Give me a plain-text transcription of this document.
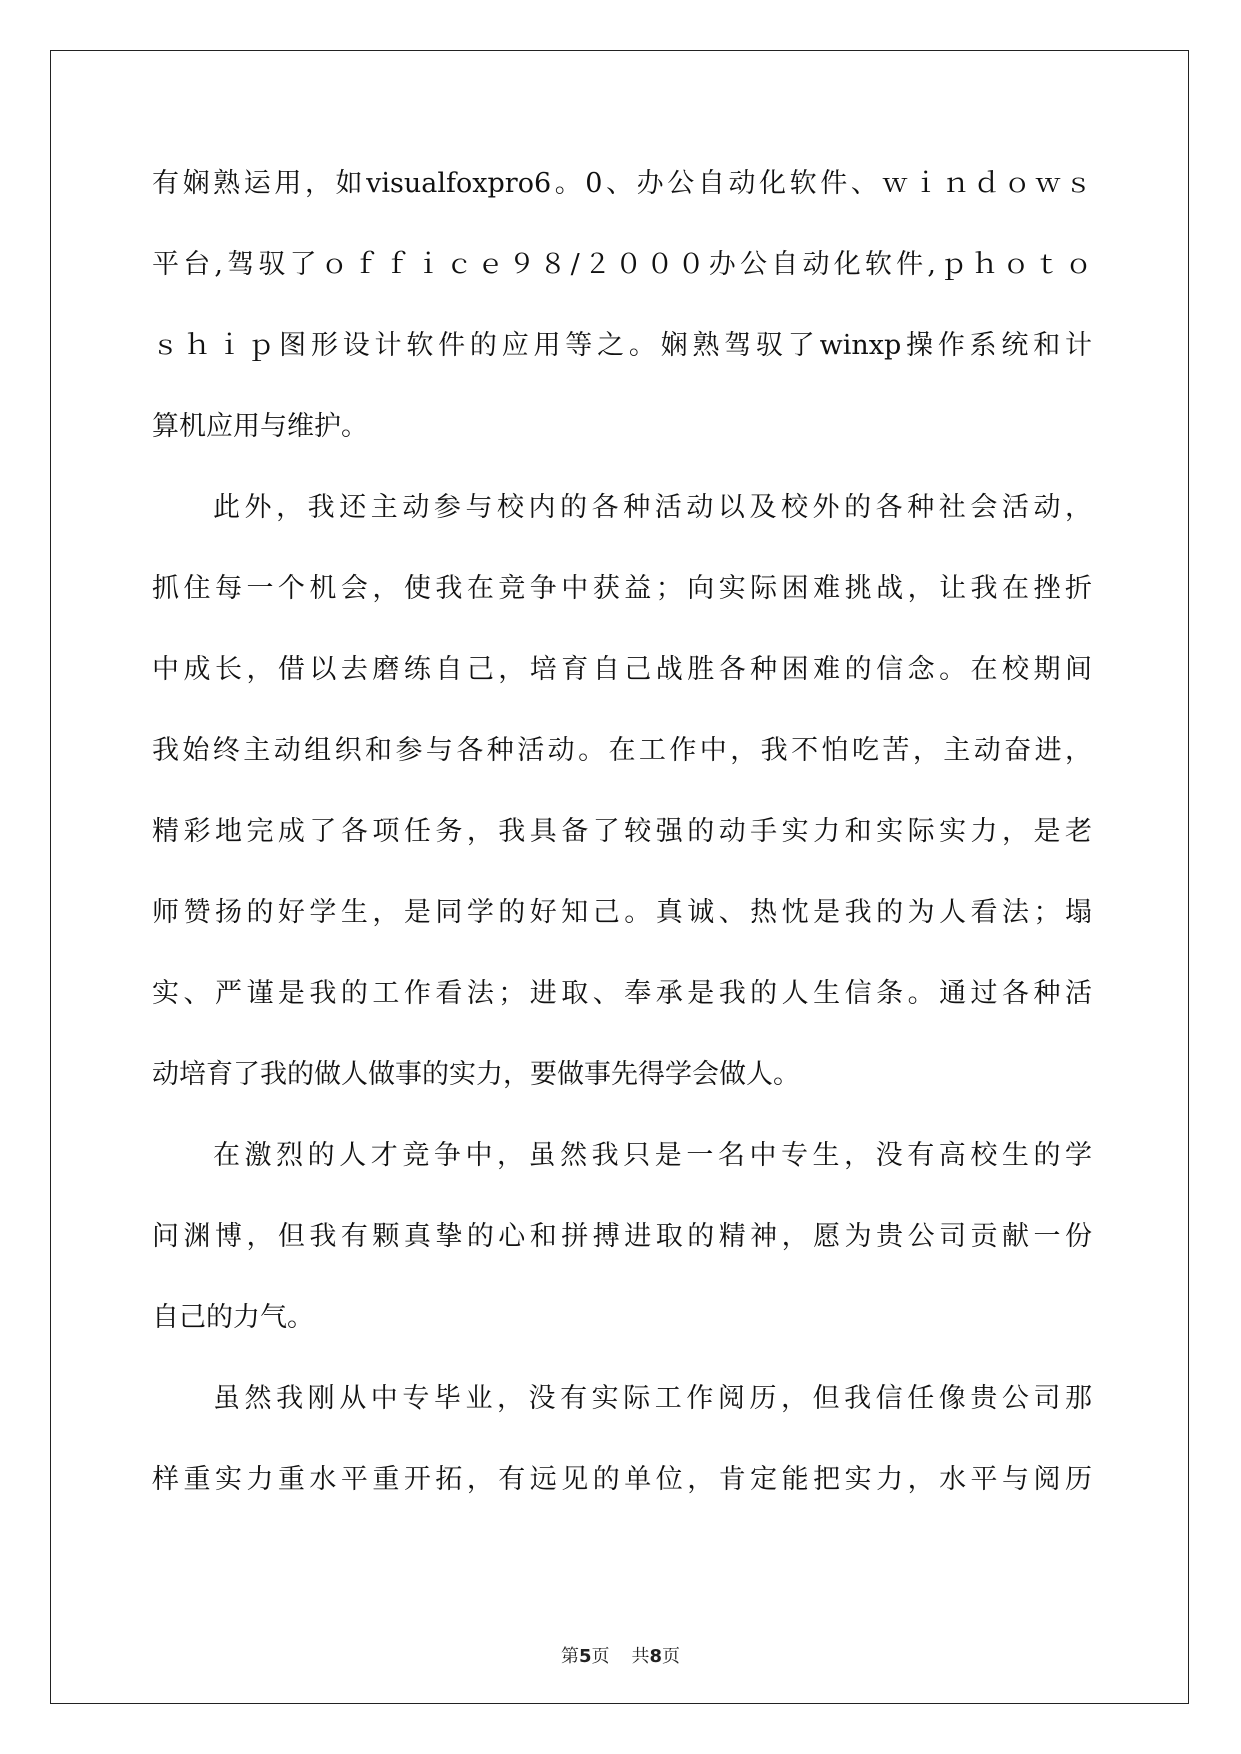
有娴熟运用，如visualfoxpro6。0、办公自动化软件、ｗｉｎｄｏｗｓ
平台,驾驭了ｏｆｆｉｃｅ９８/２０００办公自动化软件,ｐｈｏｔｏ
ｓｈｉｐ图形设计软件的应用等之。娴熟驾驭了winxp操作系统和计
算机应用与维护。
此外，我还主动参与校内的各种活动以及校外的各种社会活动，
抓住每一个机会，使我在竞争中获益；向实际困难挑战，让我在挫折
中成长，借以去磨练自己，培育自己战胜各种困难的信念。在校期间
我始终主动组织和参与各种活动。在工作中，我不怕吃苦，主动奋进，
精彩地完成了各项任务，我具备了较强的动手实力和实际实力，是老
师赞扬的好学生，是同学的好知己。真诚、热忱是我的为人看法；塌
实、严谨是我的工作看法；进取、奉承是我的人生信条。通过各种活
动培育了我的做人做事的实力，要做事先得学会做人。
在激烈的人才竞争中，虽然我只是一名中专生，没有高校生的学
问渊博，但我有颗真挚的心和拼搏进取的精神，愿为贵公司贡献一份
自己的力气。
虽然我刚从中专毕业，没有实际工作阅历，但我信任像贵公司那
样重实力重水平重开拓，有远见的单位，肯定能把实力，水平与阅历
第5页 共8页
